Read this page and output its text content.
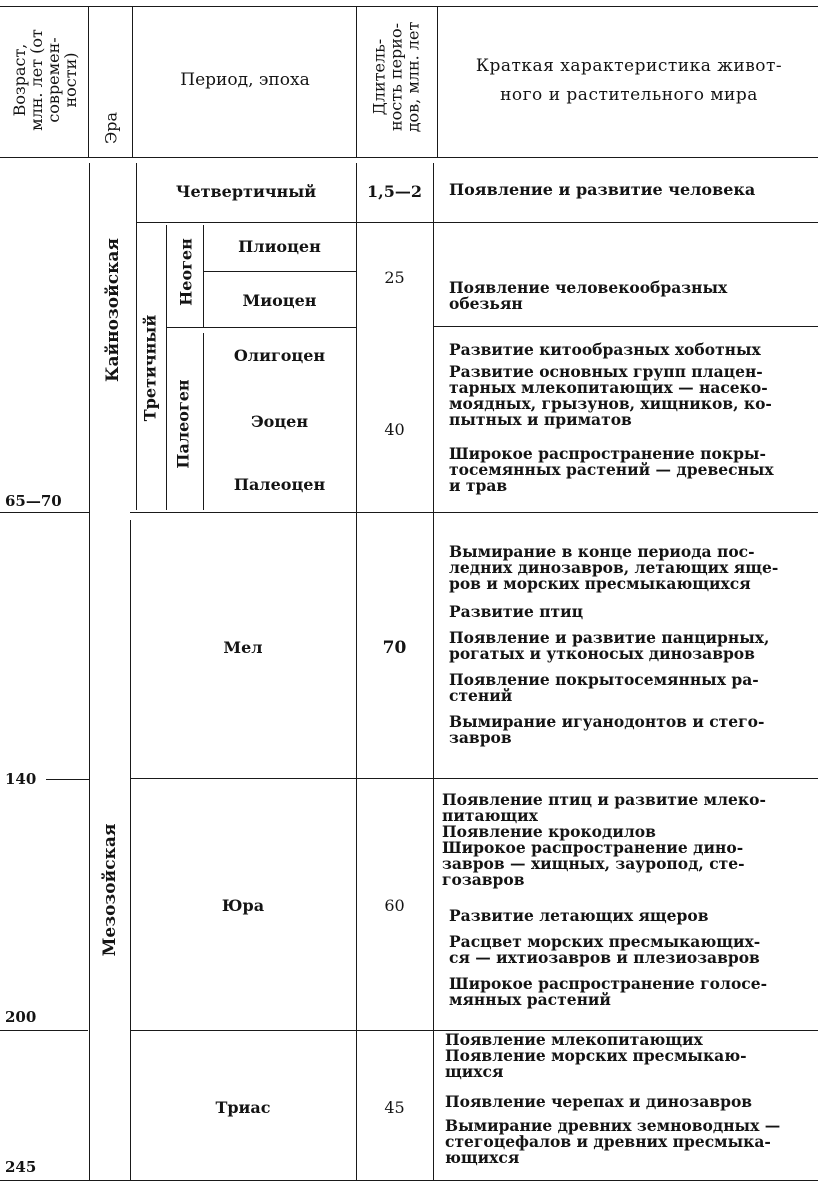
Возраст,
млн. лет (от
современ-
ности)
Эра
Период, эпоха	Длитель-
ность перио-
дов, млн. лет	Краткая характеристика живот-
ного и растительного мира
65—70
140
200
245
Кайнозойская
Мезозойская
Третичный
Неоген
Палеоген
Четвертичный
Плиоцен
Миоцен
Олигоцен
Эоцен
Палеоцен
Мел
Юра
Триас
1,5—2
25
40
70
60
45
Появление и развитие человека
Появление человекообразных
обезьян
Развитие китообразных хоботных
Развитие основных групп плацен-
тарных млекопитающих — насеко-
моядных, грызунов, хищников, ко-
пытных и приматов
Широкое распространение покры-
тосемянных растений — древесных
и трав
Вымирание в конце периода пос-
ледних динозавров, летающих яще-
ров и морских пресмыкающихся
Развитие птиц
Появление и развитие панцирных,
рогатых и утконосых динозавров
Появление покрытосемянных ра-
стений
Вымирание игуанодонтов и стего-
завров
Появление птиц и развитие млеко-
питающих
Появление крокодилов
Широкое распространение дино-
завров — хищных, зауропод, сте-
гозавров
Развитие летающих ящеров
Расцвет морских пресмыкающих-
ся — ихтиозавров и плезиозавров
Широкое распространение голосе-
мянных растений
Появление млекопитающих
Появление морских пресмыкаю-
щихся
Появление черепах и динозавров
Вымирание древних земноводных —
стегоцефалов и древних пресмыка-
ющихся
